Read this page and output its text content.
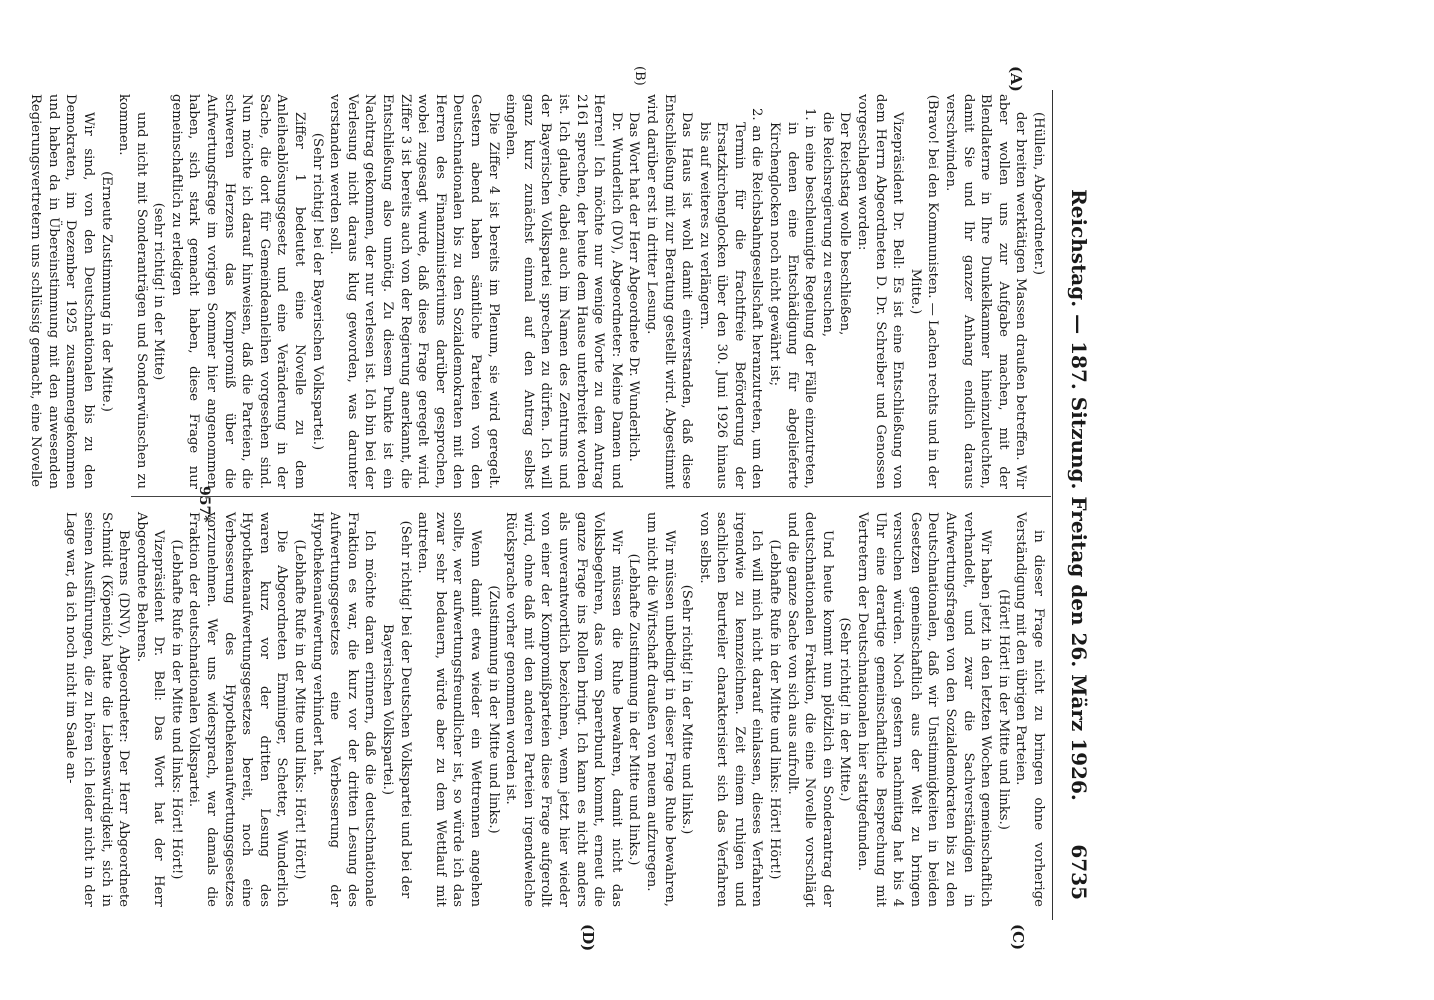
Reichstag. — 187. Sitzung. Freitag den 26. März 1926.
6735
(A)
(B)
(C)
(D)

(Hüllein, Abgeordneter.)

der breiten werktätigen Massen draußen betreffen. Wir aber wollen uns zur Aufgabe machen, mit der Blendlaterne in Ihre Dunkelkammer hineinzuleuchten, damit Sie und Ihr ganzer Anhang endlich daraus verschwinden.

(Bravo! bei den Kommunisten. — Lachen rechts und in der Mitte.)

Vizepräsident Dr. Bell: Es ist eine Entschließung von dem Herrn Abgeordneten D. Dr. Schreiber und Genossen vorgeschlagen worden:

Der Reichstag wolle beschließen,

die Reichsregierung zu ersuchen,

1. in eine beschleunigte Regelung der Fälle einzutreten, in denen eine Entschädigung für abgelieferte Kirchenglocken noch nicht gewährt ist;

2. an die Reichsbahngesellschaft heranzutreten, um den Termin für die frachtfreie Beförderung der Ersatzkirchenglocken über den 30. Juni 1926 hinaus bis auf weiteres zu verlängern.

Das Haus ist wohl damit einverstanden, daß diese Entschließung mit zur Beratung gestellt wird. Abgestimmt wird darüber erst in dritter Lesung.

Das Wort hat der Herr Abgeordnete Dr. Wunderlich.

Dr. Wunderlich (DV), Abgeordneter: Meine Damen und Herren! Ich möchte nur wenige Worte zu dem Antrag 2161 sprechen, der heute dem Hause unterbreitet worden ist. Ich glaube, dabei auch im Namen des Zentrums und der Bayerischen Volkspartei sprechen zu dürfen. Ich will ganz kurz zunächst einmal auf den Antrag selbst eingehen.

Die Ziffer 4 ist bereits im Plenum, sie wird geregelt. Gestern abend haben sämtliche Parteien von den Deutschnationalen bis zu den Sozialdemokraten mit den Herren des Finanzministeriums darüber gesprochen, wobei zugesagt wurde, daß diese Frage geregelt wird. Ziffer 3 ist bereits auch von der Regierung anerkannt, die Entschließung also unnötig. Zu diesem Punkte ist ein Nachtrag gekommen, der nur verlesen ist. Ich bin bei der Verlesung nicht daraus klug geworden, was darunter verstanden werden soll.

(Sehr richtig! bei der Bayerischen Volkspartei.)

Ziffer 1 bedeutet eine Novelle zu dem Anleiheablösungsgesetz und eine Veränderung in der Sache, die dort für Gemeindeanleihen vorgesehen sind. Nun möchte ich darauf hinweisen, daß die Parteien, die schweren Herzens das Kompromiß über die Aufwertungsfrage im vorigen Sommer hier angenommen haben, sich stark gemacht haben, diese Frage nur gemeinschaftlich zu erledigen

(sehr richtig! in der Mitte)

und nicht mit Sonderanträgen und Sonderwünschen zu kommen.

(Erneute Zustimmung in der Mitte.)

Wir sind, von den Deutschnationalen bis zu den Demokraten, im Dezember 1925 zusammengekommen und haben da in Übereinstimmung mit den anwesenden Regierungsvertretern uns schlüssig gemacht, eine Novelle

in dieser Frage nicht zu bringen ohne vorherige Verständigung mit den übrigen Parteien.

(Hört! Hört! in der Mitte und links.)

Wir haben jetzt in den letzten Wochen gemeinschaftlich verhandelt, und zwar die Sachverständigen in Aufwertungsfragen von den Sozialdemokraten bis zu den Deutschnationalen, daß wir Unstimmigkeiten in beiden Gesetzen gemeinschaftlich aus der Welt zu bringen versuchen würden. Noch gestern nachmittag hat bis 4 Uhr eine derartige gemeinschaftliche Besprechung mit Vertretern der Deutschnationalen hier stattgefunden.

(Sehr richtig! in der Mitte.)

Und heute kommt nun plötzlich ein Sonderantrag der deutschnationalen Fraktion, die eine Novelle vorschlägt und die ganze Sache von sich aus aufrollt.

(Lebhafte Rufe in der Mitte und links: Hört! Hört!)

Ich will mich nicht darauf einlassen, dieses Verfahren irgendwie zu kennzeichnen. Zeit einem ruhigen und sachlichen Beurteiler charakterisiert sich das Verfahren von selbst.

(Sehr richtig! in der Mitte und links.)

Wir müssen unbedingt in dieser Frage Ruhe bewahren, um nicht die Wirtschaft draußen von neuem aufzuregen.

(Lebhafte Zustimmung in der Mitte und links.)

Wir müssen die Ruhe bewahren, damit nicht das Volksbegehren, das vom Sparerbund kommt, erneut die ganze Frage ins Rollen bringt. Ich kann es nicht anders als unverantwortlich bezeichnen, wenn jetzt hier wieder von einer der Kompromißparteien diese Frage aufgerollt wird, ohne daß mit den anderen Parteien irgendwelche Rücksprache vorher genommen worden ist.

(Zustimmung in der Mitte und links.)

Wenn damit etwa wieder ein Wettrennen angehen sollte, wer aufwertungsfreundlicher ist, so würde ich das zwar sehr bedauern, würde aber zu dem Wettlauf mit antreten.

(Sehr richtig! bei der Deutschen Volkspartei und bei der Bayerischen Volkspartei.)

Ich möchte daran erinnern, daß die deutschnationale Fraktion es war, die kurz vor der dritten Lesung des Aufwertungsgesetzes eine Verbesserung der Hypothekenaufwertung verhindert hat.

(Lebhafte Rufe in der Mitte und links: Hört! Hört!)

Die Abgeordneten Emminger, Schetter, Wunderlich waren kurz vor der dritten Lesung des Hypothekenaufwertungsgesetzes bereit, noch eine Verbesserung des Hypothekenaufwertungsgesetzes vorzunehmen. Wer uns widersprach, war damals die Fraktion der deutschnationalen Volkspartei.

(Lebhafte Rufe in der Mitte und links: Hört! Hört!)

Vizepräsident Dr. Bell: Das Wort hat der Herr Abgeordnete Behrens.

Behrens (DNV), Abgeordneter: Der Herr Abgeordnete Schmidt (Köpenick) hatte die Liebenswürdigkeit, sich in seinen Ausführungen, die zu hören ich leider nicht in der Lage war, da ich noch nicht im Saale an-

957*
